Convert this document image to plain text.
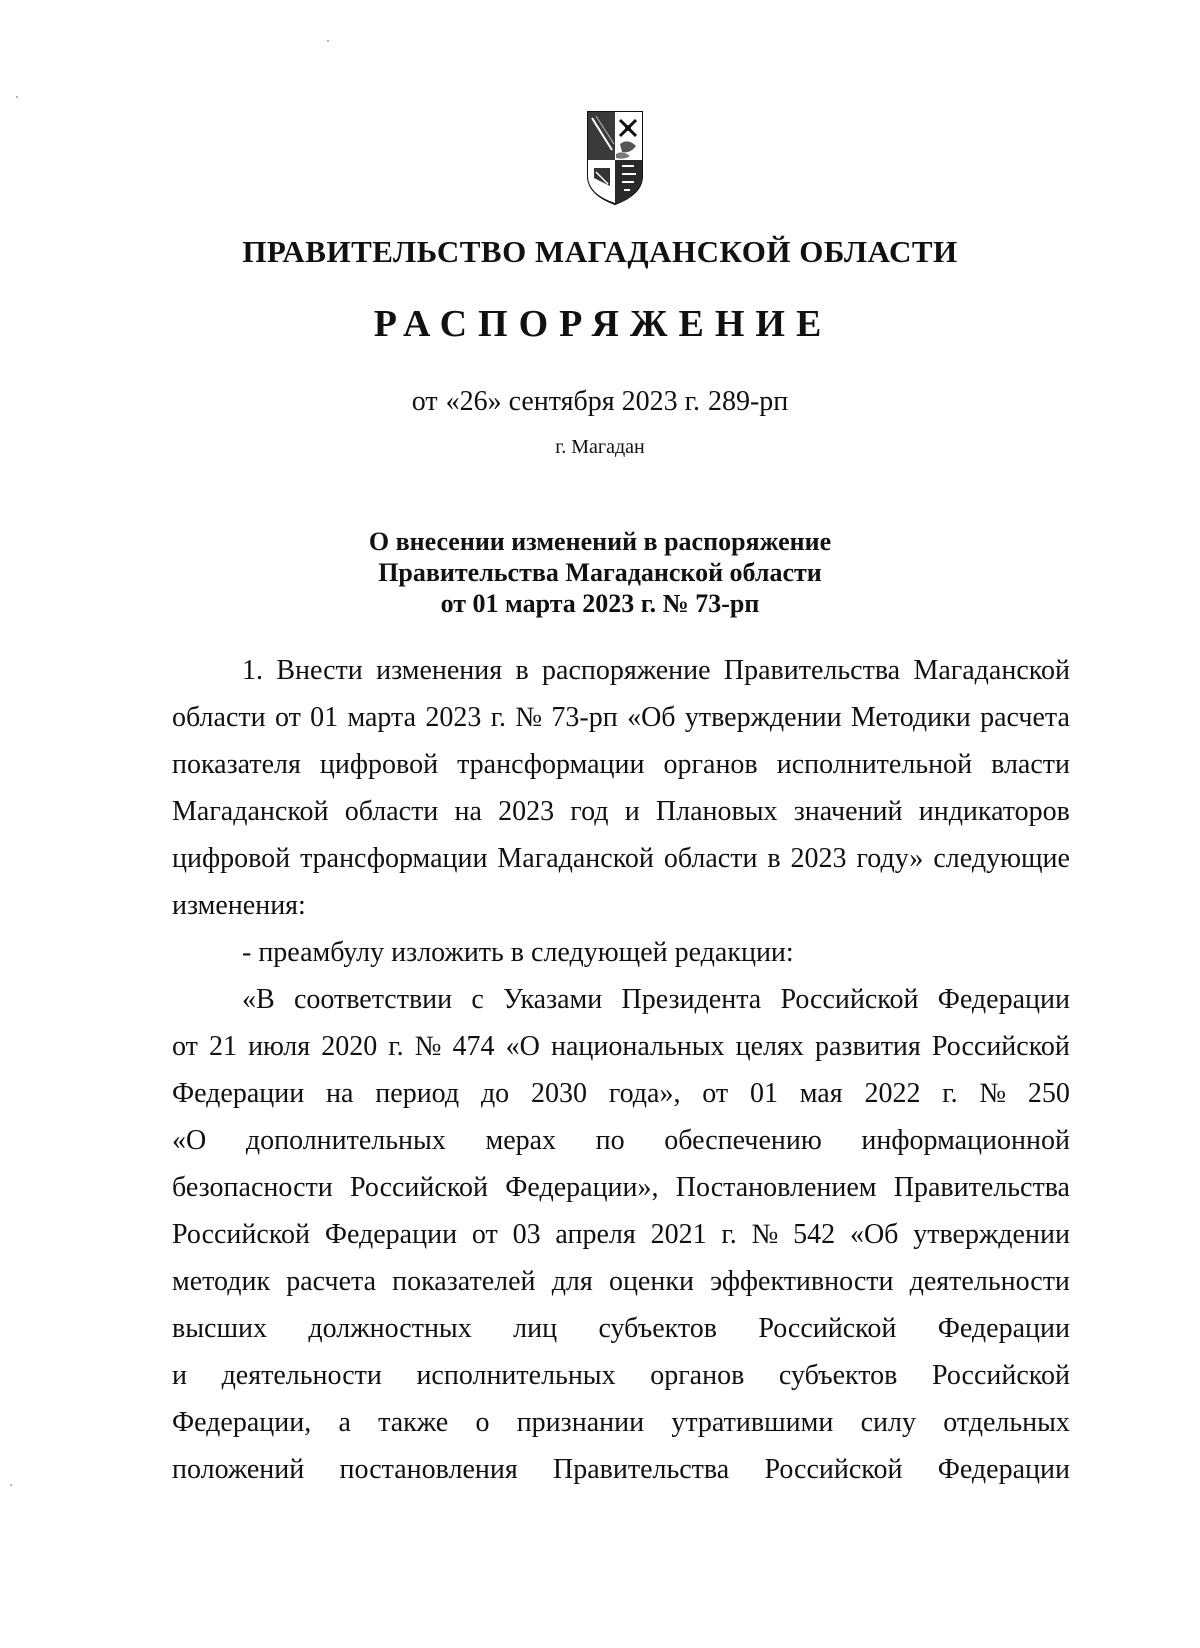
ПРАВИТЕЛЬСТВО МАГАДАНСКОЙ ОБЛАСТИ
РАСПОРЯЖЕНИЕ
от «26» сентября 2023 г. 289-рп
г. Магадан
О внесении изменений в распоряжение
Правительства Магаданской области
от 01 марта 2023 г. № 73-рп
1. Внести изменения в распоряжение Правительства Магаданской
области от 01 марта 2023 г. № 73-рп «Об утверждении Методики расчета
показателя цифровой трансформации органов исполнительной власти
Магаданской области на 2023 год и Плановых значений индикаторов
цифровой трансформации Магаданской области в 2023 году» следующие
изменения:
- преамбулу изложить в следующей редакции:
«В соответствии с Указами Президента Российской Федерации
от 21 июля 2020 г. № 474 «О национальных целях развития Российской
Федерации на период до 2030 года», от 01 мая 2022 г. № 250
«О дополнительных мерах по обеспечению информационной
безопасности Российской Федерации», Постановлением Правительства
Российской Федерации от 03 апреля 2021 г. № 542 «Об утверждении
методик расчета показателей для оценки эффективности деятельности
высших должностных лиц субъектов Российской Федерации
и деятельности исполнительных органов субъектов Российской
Федерации, а также о признании утратившими силу отдельных
положений постановления Правительства Российской Федерации
